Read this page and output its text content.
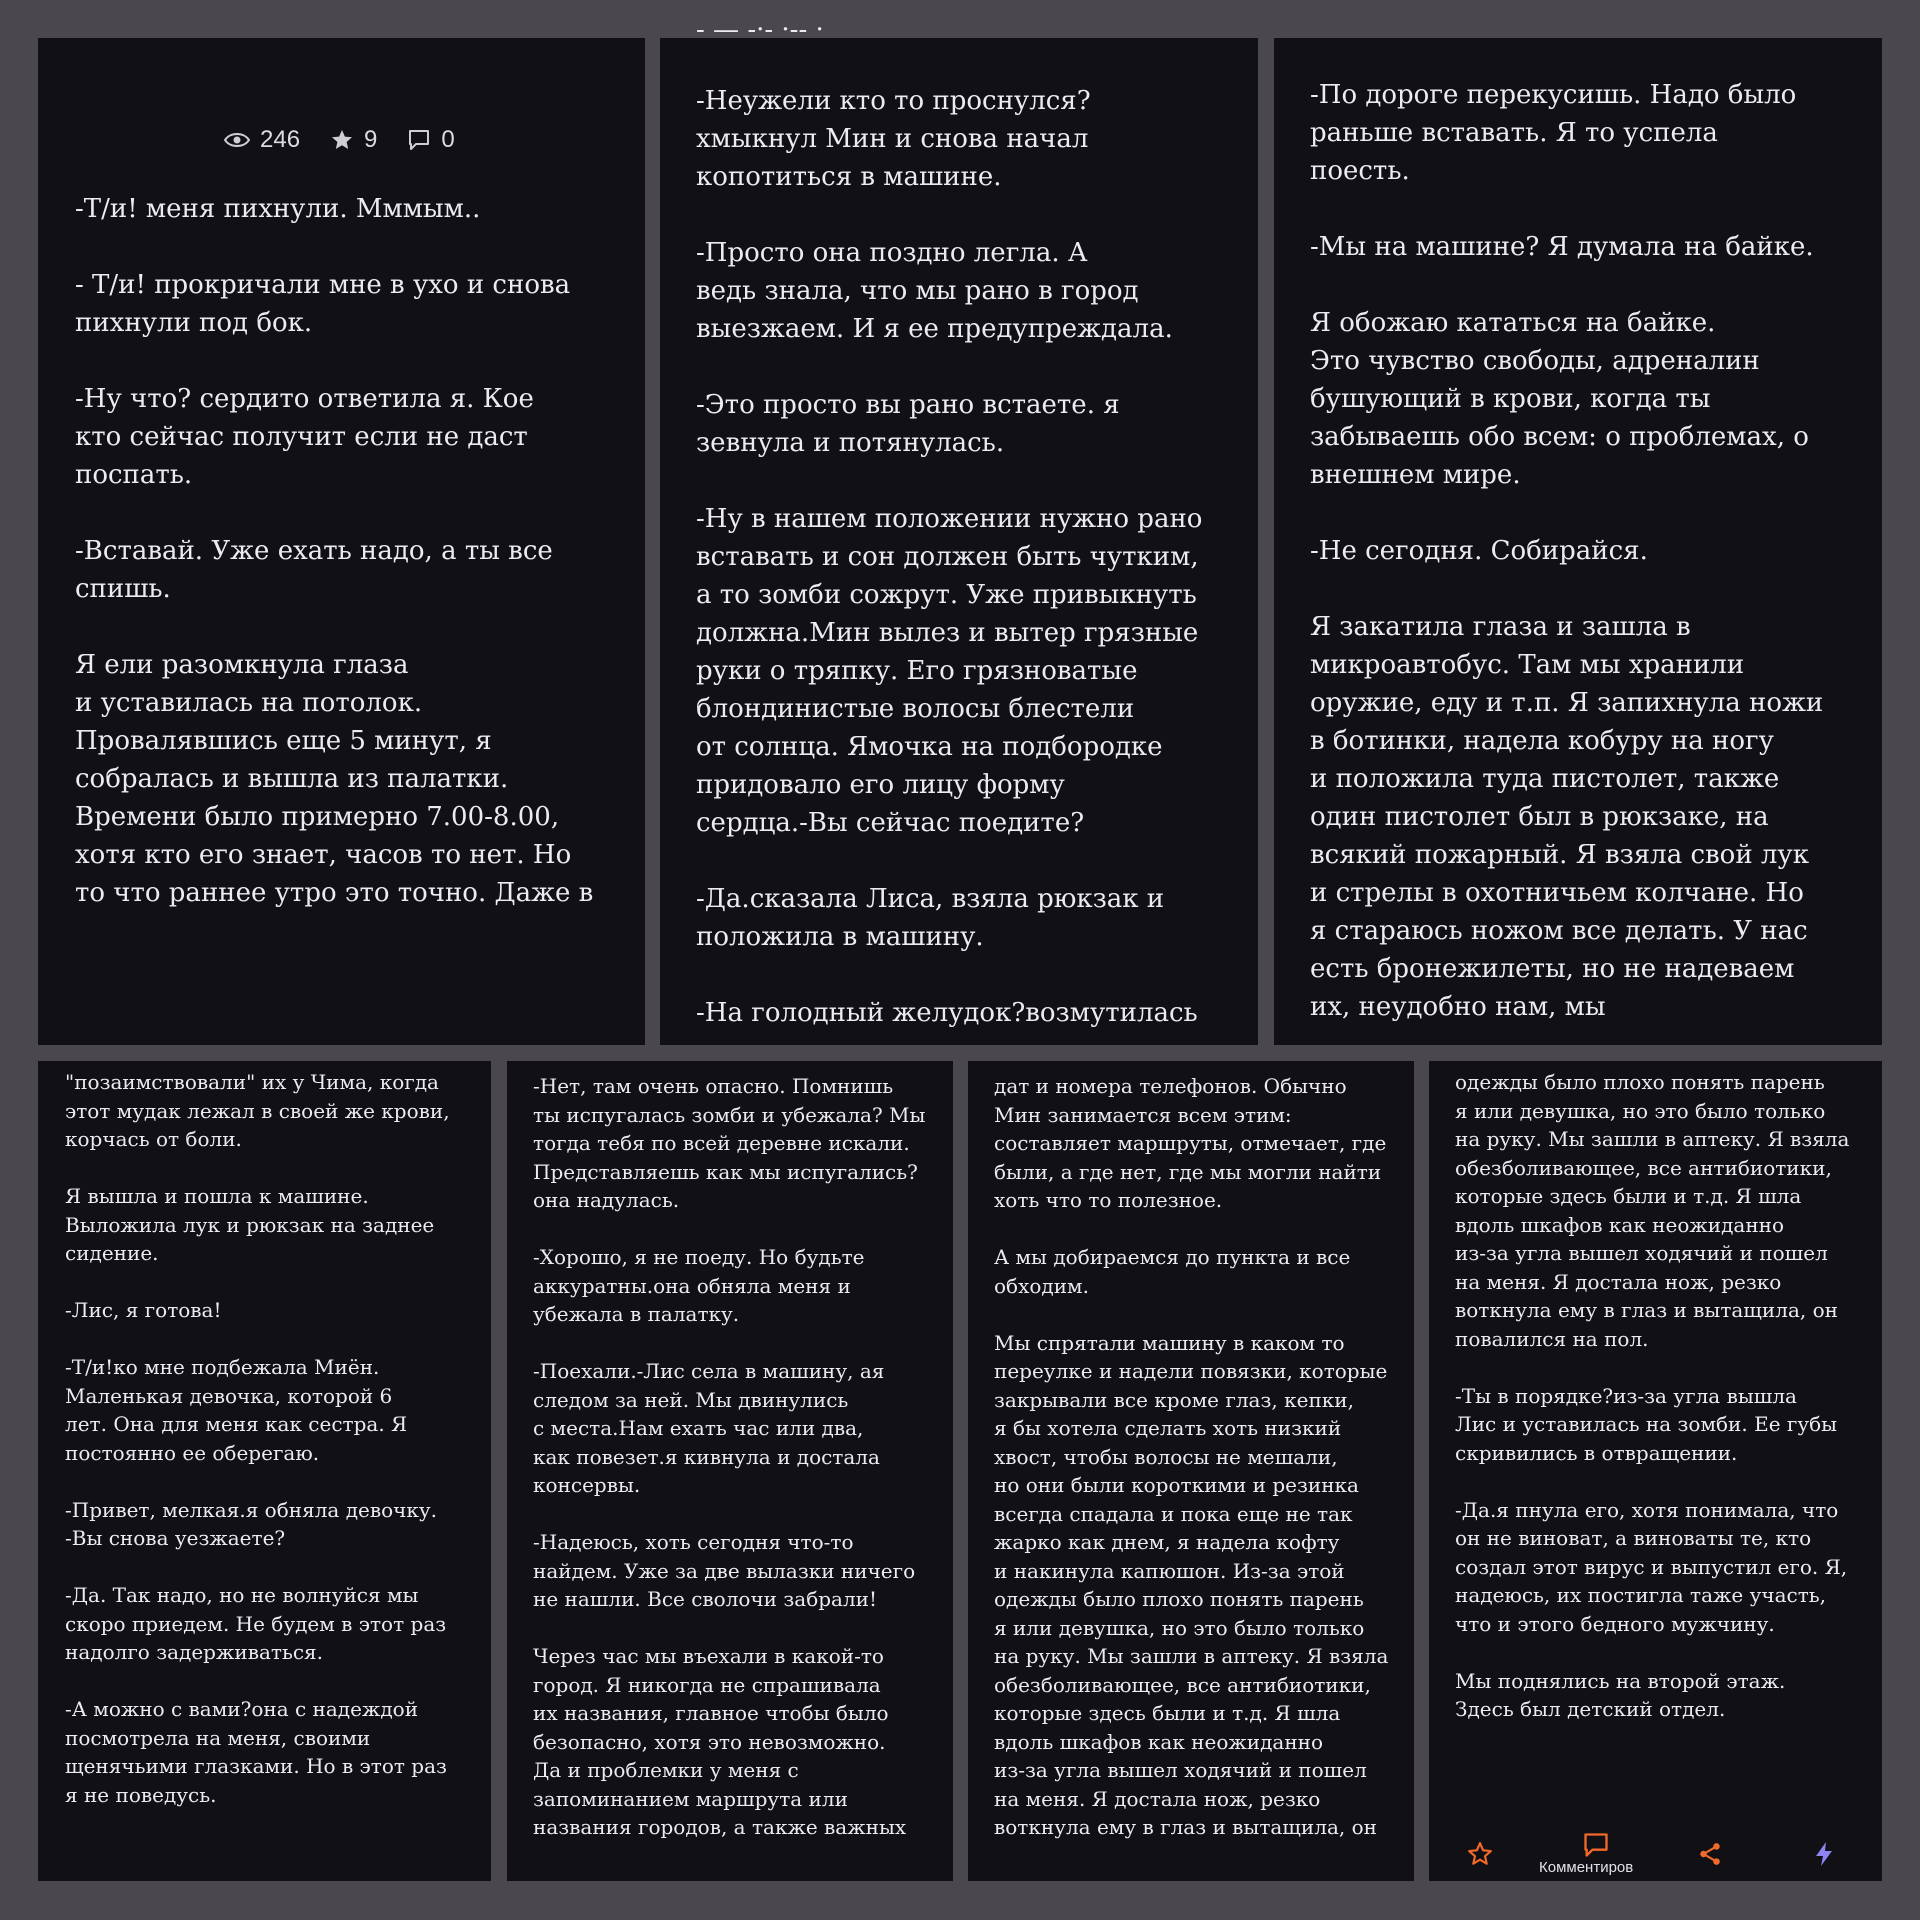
246	9	0

-Т/и! меня пихнули. Мммым..

- Т/и! прокричали мне в ухо и снова
пихнули под бок.

-Ну что? сердито ответила я. Кое
кто сейчас получит если не даст
поспать.

-Вставай. Уже ехать надо, а ты все
спишь.

Я ели разомкнула глаза
и уставилась на потолок.
Провалявшись еще 5 минут, я
собралась и вышла из палатки.
Времени было примерно 7.00-8.00,
хотя кто его знает, часов то нет. Но
то что раннее утро это точно. Даже в

- — -·- ·-- ·

-Неужели кто то проснулся?
хмыкнул Мин и снова начал
копотиться в машине.

-Просто она поздно легла. А
ведь знала, что мы рано в город
выезжаем. И я ее предупреждала.

-Это просто вы рано встаете. я
зевнула и потянулась.

-Ну в нашем положении нужно рано
вставать и сон должен быть чутким,
а то зомби сожрут. Уже привыкнуть
должна.Мин вылез и вытер грязные
руки о тряпку. Его грязноватые
блондинистые волосы блестели
от солнца. Ямочка на подбородке
придовало его лицу форму
сердца.-Вы сейчас поедите?

-Да.сказала Лиса, взяла рюкзак и
положила в машину.

-На голодный желудок?возмутилась

-По дороге перекусишь. Надо было
раньше вставать. Я то успела
поесть.

-Мы на машине? Я думала на байке.

Я обожаю кататься на байке.
Это чувство свободы, адреналин
бушующий в крови, когда ты
забываешь обо всем: о проблемах, о
внешнем мире.

-Не сегодня. Собирайся.

Я закатила глаза и зашла в
микроавтобус. Там мы хранили
оружие, еду и т.п. Я запихнула ножи
в ботинки, надела кобуру на ногу
и положила туда пистолет, также
один пистолет был в рюкзаке, на
всякий пожарный. Я взяла свой лук
и стрелы в охотничьем колчане. Но
я стараюсь ножом все делать. У нас
есть бронежилеты, но не надеваем
их, неудобно нам, мы

"позаимствовали" их у Чима, когда
этот мудак лежал в своей же крови,
корчась от боли.

Я вышла и пошла к машине.
Выложила лук и рюкзак на заднее
сидение.

-Лис, я готова!

-Т/и!ко мне подбежала Миён.
Маленькая девочка, которой 6
лет. Она для меня как сестра. Я
постоянно ее оберегаю.

-Привет, мелкая.я обняла девочку.
-Вы снова уезжаете?

-Да. Так надо, но не волнуйся мы
скоро приедем. Не будем в этот раз
надолго задерживаться.

-А можно с вами?она с надеждой
посмотрела на меня, своими
щенячьими глазками. Но в этот раз
я не поведусь.

-Нет, там очень опасно. Помнишь
ты испугалась зомби и убежала? Мы
тогда тебя по всей деревне искали.
Представляешь как мы испугались?
она надулась.

-Хорошо, я не поеду. Но будьте
аккуратны.она обняла меня и
убежала в палатку.

-Поехали.-Лис села в машину, ая
следом за ней. Мы двинулись
с места.Нам ехать час или два,
как повезет.я кивнула и достала
консервы.

-Надеюсь, хоть сегодня что-то
найдем. Уже за две вылазки ничего
не нашли. Все сволочи забрали!

Через час мы въехали в какой-то
город. Я никогда не спрашивала
их названия, главное чтобы было
безопасно, хотя это невозможно.
Да и проблемки у меня с
запоминанием маршрута или
названия городов, а также важных

дат и номера телефонов. Обычно
Мин занимается всем этим:
составляет маршруты, отмечает, где
были, а где нет, где мы могли найти
хоть что то полезное.

А мы добираемся до пункта и все
обходим.

Мы спрятали машину в каком то
переулке и надели повязки, которые
закрывали все кроме глаз, кепки,
я бы хотела сделать хоть низкий
хвост, чтобы волосы не мешали,
но они были короткими и резинка
всегда спадала и пока еще не так
жарко как днем, я надела кофту
и накинула капюшон. Из-за этой
одежды было плохо понять парень
я или девушка, но это было только
на руку. Мы зашли в аптеку. Я взяла
обезболивающее, все антибиотики,
которые здесь были и т.д. Я шла
вдоль шкафов как неожиданно
из-за угла вышел ходячий и пошел
на меня. Я достала нож, резко
воткнула ему в глаз и вытащила, он

одежды было плохо понять парень
я или девушка, но это было только
на руку. Мы зашли в аптеку. Я взяла
обезболивающее, все антибиотики,
которые здесь были и т.д. Я шла
вдоль шкафов как неожиданно
из-за угла вышел ходячий и пошел
на меня. Я достала нож, резко
воткнула ему в глаз и вытащила, он
повалился на пол.

-Ты в порядке?из-за угла вышла
Лис и уставилась на зомби. Ее губы
скривились в отвращении.

-Да.я пнула его, хотя понимала, что
он не виноват, а виноваты те, кто
создал этот вирус и выпустил его. Я,
надеюсь, их постигла таже участь,
что и этого бедного мужчину.

Мы поднялись на второй этаж.
Здесь был детский отдел.

Комментиров
